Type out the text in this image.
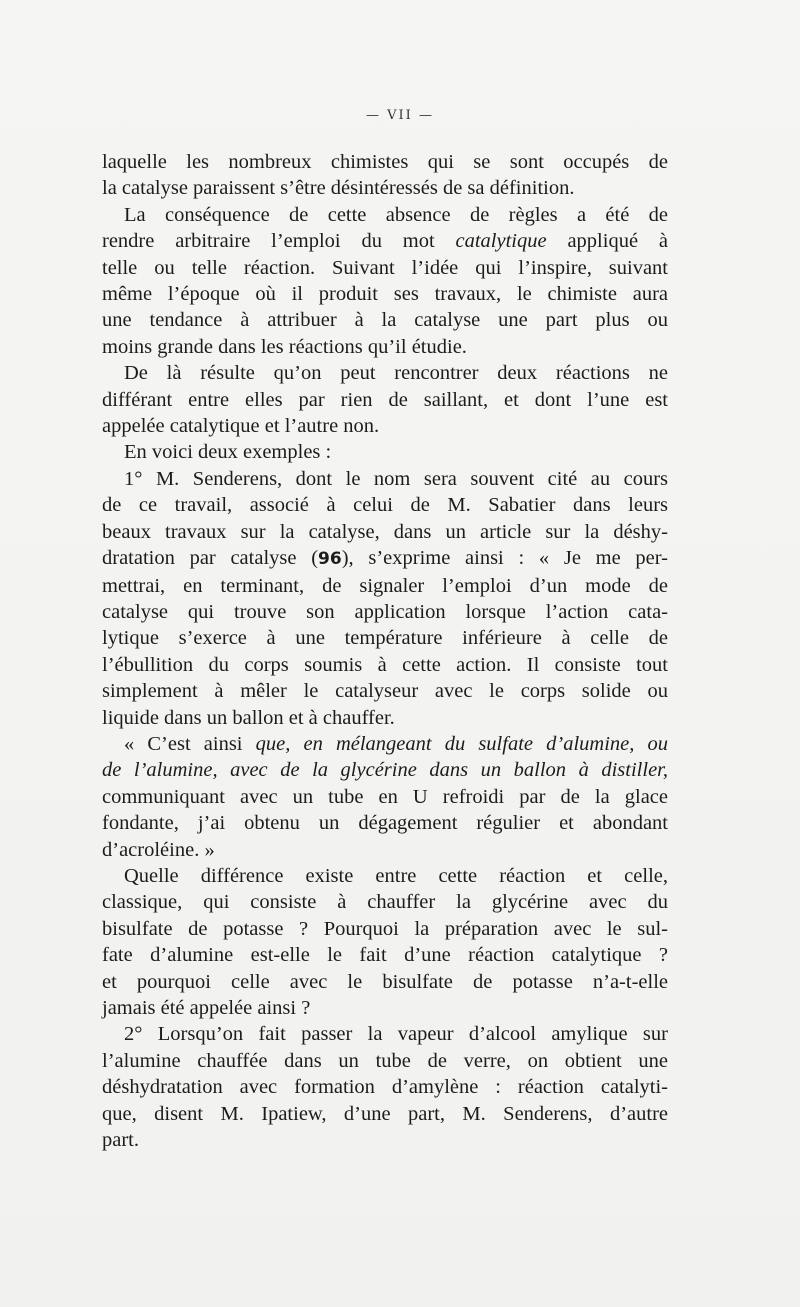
— VII —
laquelle les nombreux chimistes qui se sont occupés de
la catalyse paraissent s’être désintéressés de sa définition.
La conséquence de cette absence de règles a été de
rendre arbitraire l’emploi du mot catalytique appliqué à
telle ou telle réaction. Suivant l’idée qui l’inspire, suivant
même l’époque où il produit ses travaux, le chimiste aura
une tendance à attribuer à la catalyse une part plus ou
moins grande dans les réactions qu’il étudie.
De là résulte qu’on peut rencontrer deux réactions ne
différant entre elles par rien de saillant, et dont l’une est
appelée catalytique et l’autre non.
En voici deux exemples :
1° M. Senderens, dont le nom sera souvent cité au cours
de ce travail, associé à celui de M. Sabatier dans leurs
beaux travaux sur la catalyse, dans un article sur la déshy-
dratation par catalyse (96), s’exprime ainsi : « Je me per-
mettrai, en terminant, de signaler l’emploi d’un mode de
catalyse qui trouve son application lorsque l’action cata-
lytique s’exerce à une température inférieure à celle de
l’ébullition du corps soumis à cette action. Il consiste tout
simplement à mêler le catalyseur avec le corps solide ou
liquide dans un ballon et à chauffer.
« C’est ainsi que, en mélangeant du sulfate d’alumine, ou
de l’alumine, avec de la glycérine dans un ballon à distiller,
communiquant avec un tube en U refroidi par de la glace
fondante, j’ai obtenu un dégagement régulier et abondant
d’acroléine. »
Quelle différence existe entre cette réaction et celle,
classique, qui consiste à chauffer la glycérine avec du
bisulfate de potasse ? Pourquoi la préparation avec le sul-
fate d’alumine est-elle le fait d’une réaction catalytique ?
et pourquoi celle avec le bisulfate de potasse n’a-t-elle
jamais été appelée ainsi ?
2° Lorsqu’on fait passer la vapeur d’alcool amylique sur
l’alumine chauffée dans un tube de verre, on obtient une
déshydratation avec formation d’amylène : réaction catalyti-
que, disent M. Ipatiew, d’une part, M. Senderens, d’autre
part.
